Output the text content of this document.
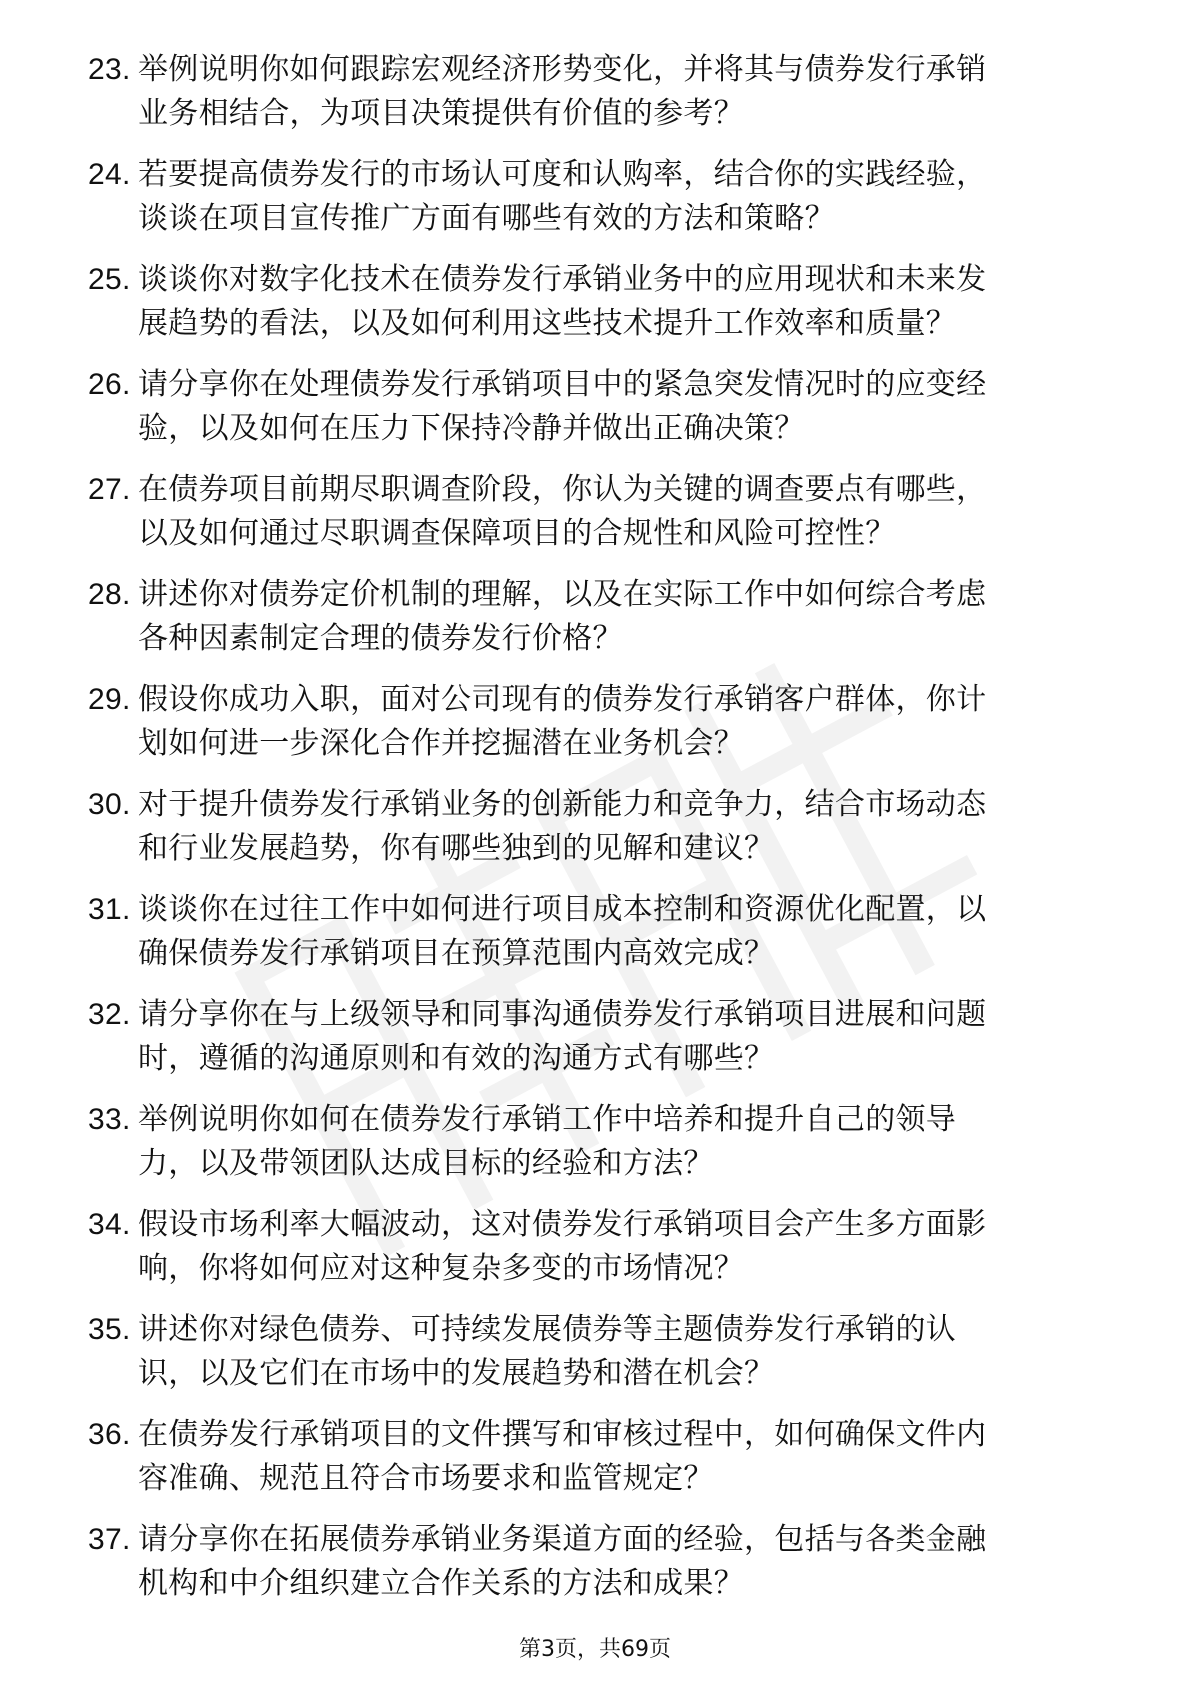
23. 举例说明你如何跟踪宏观经济形势变化，并将其与债券发行承销
业务相结合，为项目决策提供有价值的参考？
24. 若要提高债券发行的市场认可度和认购率，结合你的实践经验，
谈谈在项目宣传推广方面有哪些有效的方法和策略？
25. 谈谈你对数字化技术在债券发行承销业务中的应用现状和未来发
展趋势的看法，以及如何利用这些技术提升工作效率和质量？
26. 请分享你在处理债券发行承销项目中的紧急突发情况时的应变经
验，以及如何在压力下保持冷静并做出正确决策？
27. 在债券项目前期尽职调查阶段，你认为关键的调查要点有哪些，
以及如何通过尽职调查保障项目的合规性和风险可控性？
28. 讲述你对债券定价机制的理解，以及在实际工作中如何综合考虑
各种因素制定合理的债券发行价格？
29. 假设你成功入职，面对公司现有的债券发行承销客户群体，你计
划如何进一步深化合作并挖掘潜在业务机会？
30. 对于提升债券发行承销业务的创新能力和竞争力，结合市场动态
和行业发展趋势，你有哪些独到的见解和建议？
31. 谈谈你在过往工作中如何进行项目成本控制和资源优化配置，以
确保债券发行承销项目在预算范围内高效完成？
32. 请分享你在与上级领导和同事沟通债券发行承销项目进展和问题
时，遵循的沟通原则和有效的沟通方式有哪些？
33. 举例说明你如何在债券发行承销工作中培养和提升自己的领导
力，以及带领团队达成目标的经验和方法？
34. 假设市场利率大幅波动，这对债券发行承销项目会产生多方面影
响，你将如何应对这种复杂多变的市场情况？
35. 讲述你对绿色债券、可持续发展债券等主题债券发行承销的认
识，以及它们在市场中的发展趋势和潜在机会？
36. 在债券发行承销项目的文件撰写和审核过程中，如何确保文件内
容准确、规范且符合市场要求和监管规定？
37. 请分享你在拓展债券承销业务渠道方面的经验，包括与各类金融
机构和中介组织建立合作关系的方法和成果？
第3页，共69页
